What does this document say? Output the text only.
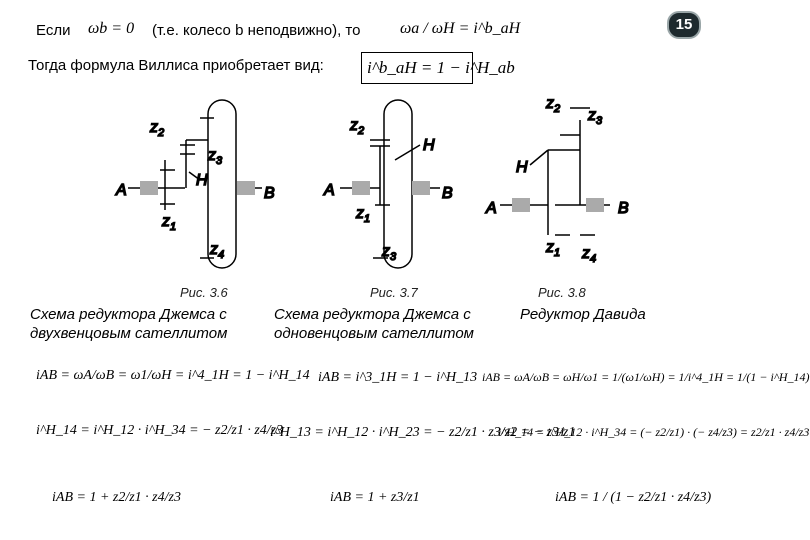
15
Если ωb = 0 (т.е. колесо b неподвижно), то ωa / ωH = i^b_aH
Тогда формула Виллиса приобретает вид:	i^b_aH = 1 − i^H_ab
$z_2$
$z_3$
H
A	B
$z_1$
$z_4$
$z_2$
H
A	B
$z_1$
$z_3$
$z_2$ $z_3$
H
A	B
$z_1$ $z_4$
Рис. 3.6	Рис. 3.7	Рис. 3.8
Схема редуктора Джемса с двухвенцовым сателлитом
Схема редуктора Джемса с одновенцовым сателлитом
Редуктор Давида
iAB = ωA/ωB = ω1/ωH = i^4_1H = 1 − i^H_14
i^H_14 = i^H_12 · i^H_34 = − z2/z1 · z4/z3
iAB = 1 + z2/z1 · z4/z3
iAB = i^3_1H = 1 − i^H_13
i^H_13 = i^H_12 · i^H_23 = − z2/z1 · z3/z2 = − z3/z1
iAB = 1 + z3/z1
iAB = ωA/ωB = ωH/ω1 = 1/(ω1/ωH) = 1/i^4_1H = 1/(1 − i^H_14)
i^H_14 = i^H_12 · i^H_34 = (− z2/z1) · (− z4/z3) = z2/z1 · z4/z3
iAB = 1 / (1 − z2/z1 · z4/z3)
